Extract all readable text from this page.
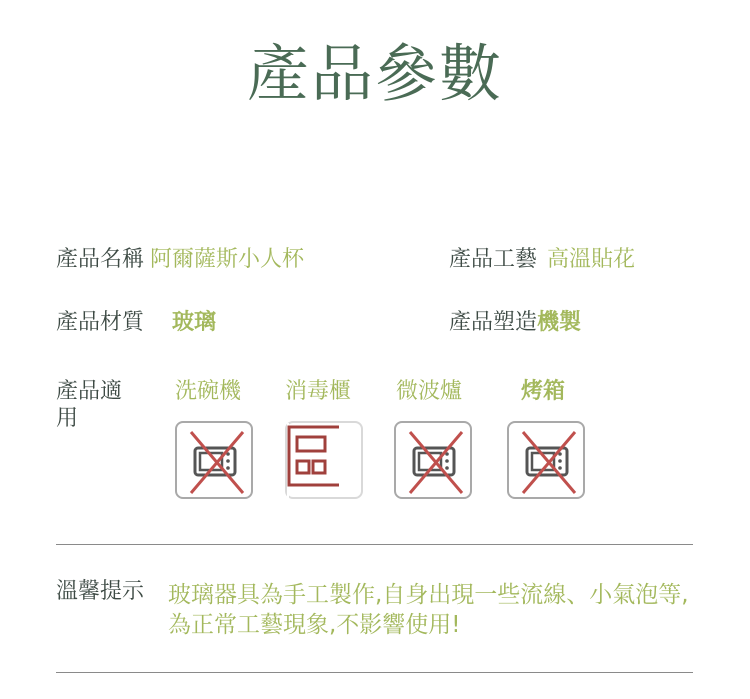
產品參數
產品名稱 阿爾薩斯小人杯	產品工藝 高溫貼花
產品材質 玻璃	產品塑造機製
產品適用
洗碗機 消毒櫃 微波爐	烤箱
溫馨提示 玻璃器具為手工製作,自身出現一些流線、小氣泡等,為正常工藝現象,不影響使用!
